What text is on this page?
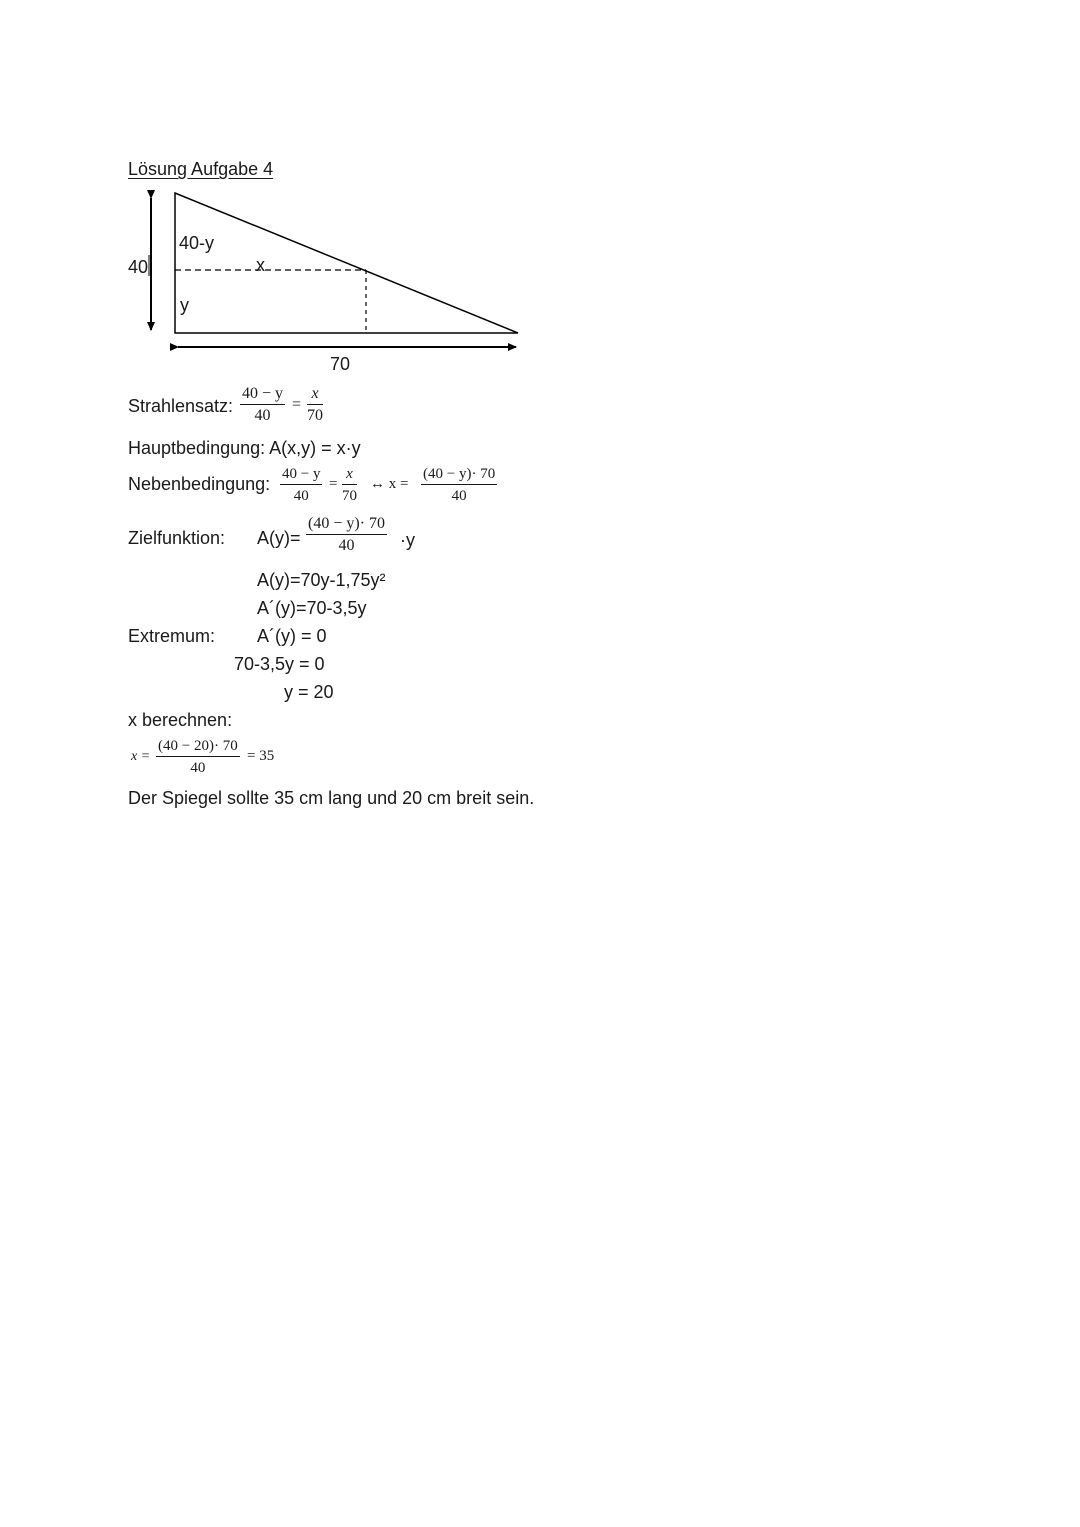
Lösung Aufgabe 4
40
40-y
x
y
70
Strahlensatz: $\frac{40 - y}{40} = \frac{x}{70}$
Hauptbedingung: A(x,y) = x·y
Nebenbedingung: $\frac{40 - y}{40} = \frac{x}{70}$ ↔ $x = \frac{(40 - y)\cdot 70}{40}$
Zielfunktion: $A(y)= \frac{(40 - y)\cdot 70}{40} \cdot y$
A(y)=70y-1,75y²
A´(y)=70-3,5y
Extremum: A´(y) = 0
70-3,5y = 0
y = 20
x berechnen:
$x = \frac{(40 - 20)\cdot 70}{40} = 35$
Der Spiegel sollte 35 cm lang und 20 cm breit sein.
